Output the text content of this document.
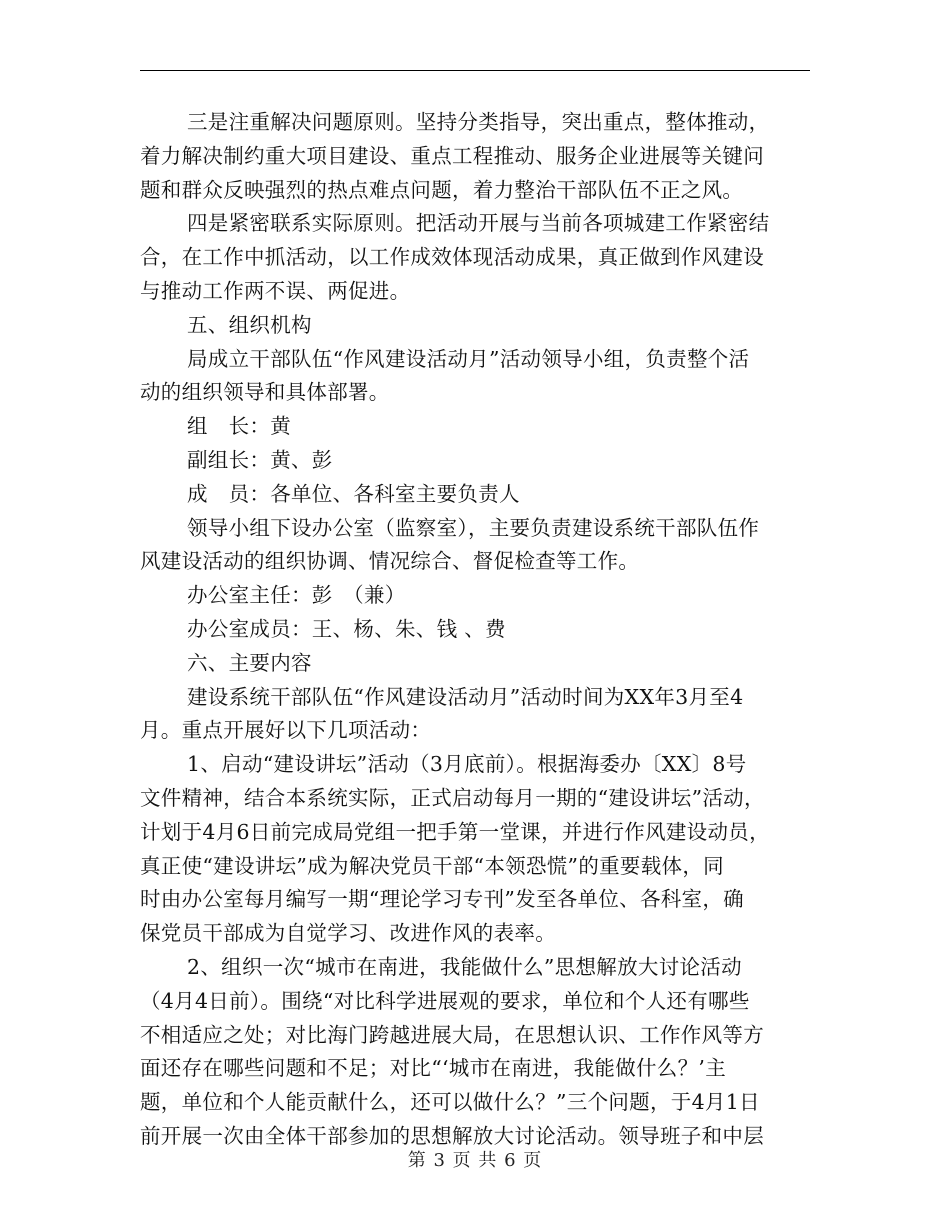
三是注重解决问题原则。坚持分类指导，突出重点，整体推动，
着力解决制约重大项目建设、重点工程推动、服务企业进展等关键问
题和群众反映强烈的热点难点问题，着力整治干部队伍不正之风。
四是紧密联系实际原则。把活动开展与当前各项城建工作紧密结
合，在工作中抓活动，以工作成效体现活动成果，真正做到作风建设
与推动工作两不误、两促进。
五、组织机构
局成立干部队伍“作风建设活动月”活动领导小组，负责整个活
动的组织领导和具体部署。
组　长：黄
副组长：黄、彭
成　员：各单位、各科室主要负责人
领导小组下设办公室（监察室），主要负责建设系统干部队伍作
风建设活动的组织协调、情况综合、督促检查等工作。
办公室主任：彭　（兼）
办公室成员：王、杨、朱、钱 、费
六、主要内容
建设系统干部队伍“作风建设活动月”活动时间为XX年3月至4
月。重点开展好以下几项活动：
1、启动“建设讲坛”活动（3月底前）。根据海委办〔XX〕8号
文件精神，结合本系统实际，正式启动每月一期的“建设讲坛”活动，
计划于4月6日前完成局党组一把手第一堂课，并进行作风建设动员，
真正使“建设讲坛”成为解决党员干部“本领恐慌”的重要载体，同
时由办公室每月编写一期“理论学习专刊”发至各单位、各科室，确
保党员干部成为自觉学习、改进作风的表率。
2、组织一次“城市在南进，我能做什么”思想解放大讨论活动
（4月4日前）。围绕“对比科学进展观的要求，单位和个人还有哪些
不相适应之处；对比海门跨越进展大局，在思想认识、工作作风等方
面还存在哪些问题和不足；对比“‘城市在南进，我能做什么？’主
题，单位和个人能贡献什么，还可以做什么？”三个问题，于4月1日
前开展一次由全体干部参加的思想解放大讨论活动。领导班子和中层
第 3 页 共 6 页
